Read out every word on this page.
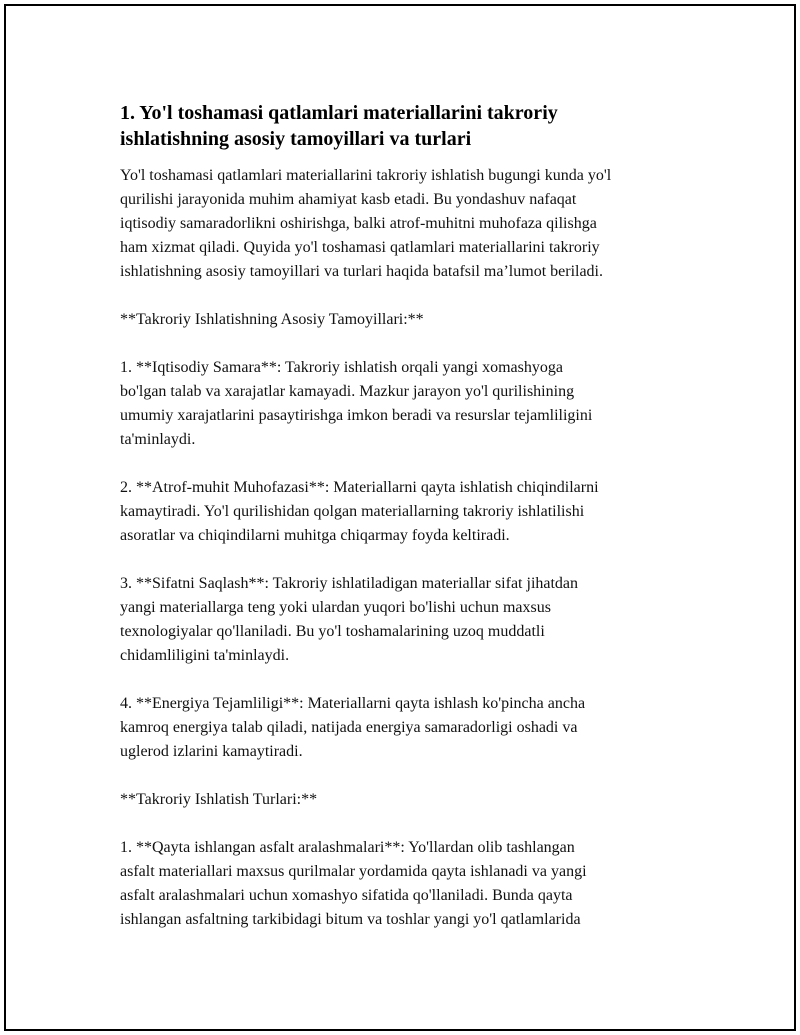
1. Yo'l toshamasi qatlamlari materiallarini takroriy
ishlatishning asosiy tamoyillari va turlari

Yo'l toshamasi qatlamlari materiallarini takroriy ishlatish bugungi kunda yo'l
qurilishi jarayonida muhim ahamiyat kasb etadi. Bu yondashuv nafaqat
iqtisodiy samaradorlikni oshirishga, balki atrof-muhitni muhofaza qilishga
ham xizmat qiladi. Quyida yo'l toshamasi qatlamlari materiallarini takroriy
ishlatishning asosiy tamoyillari va turlari haqida batafsil ma’lumot beriladi.

**Takroriy Ishlatishning Asosiy Tamoyillari:**

1. **Iqtisodiy Samara**: Takroriy ishlatish orqali yangi xomashyoga
bo'lgan talab va xarajatlar kamayadi. Mazkur jarayon yo'l qurilishining
umumiy xarajatlarini pasaytirishga imkon beradi va resurslar tejamliligini
ta'minlaydi.

2. **Atrof-muhit Muhofazasi**: Materiallarni qayta ishlatish chiqindilarni
kamaytiradi. Yo'l qurilishidan qolgan materiallarning takroriy ishlatilishi
asoratlar va chiqindilarni muhitga chiqarmay foyda keltiradi.

3. **Sifatni Saqlash**: Takroriy ishlatiladigan materiallar sifat jihatdan
yangi materiallarga teng yoki ulardan yuqori bo'lishi uchun maxsus
texnologiyalar qo'llaniladi. Bu yo'l toshamalarining uzoq muddatli
chidamliligini ta'minlaydi.

4. **Energiya Tejamliligi**: Materiallarni qayta ishlash ko'pincha ancha
kamroq energiya talab qiladi, natijada energiya samaradorligi oshadi va
uglerod izlarini kamaytiradi.

**Takroriy Ishlatish Turlari:**

1. **Qayta ishlangan asfalt aralashmalari**: Yo'llardan olib tashlangan
asfalt materiallari maxsus qurilmalar yordamida qayta ishlanadi va yangi
asfalt aralashmalari uchun xomashyo sifatida qo'llaniladi. Bunda qayta
ishlangan asfaltning tarkibidagi bitum va toshlar yangi yo'l qatlamlarida
